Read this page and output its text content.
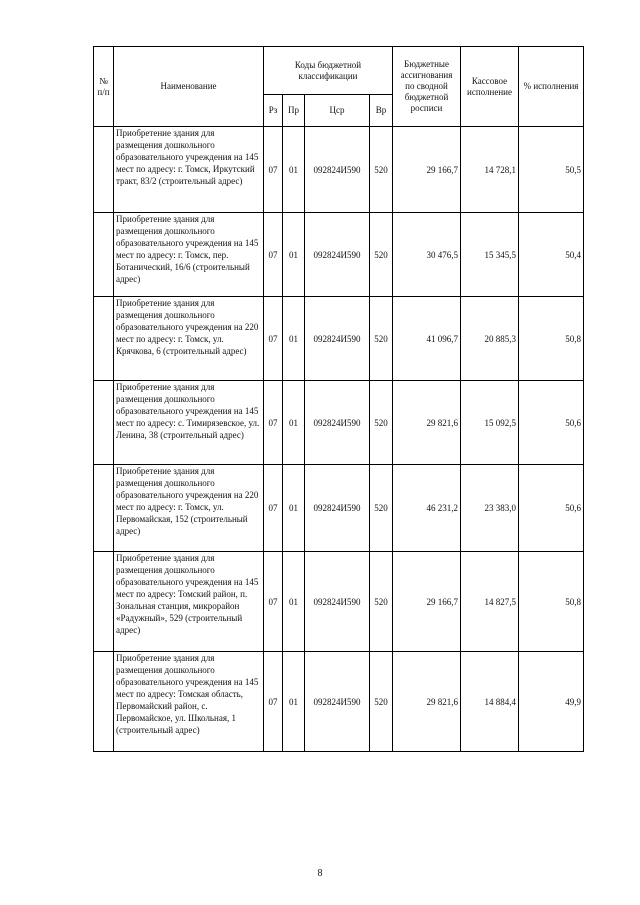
№ п/п	Наименование	Коды бюджетной классификации				Бюджетные ассигнования по сводной бюджетной росписи	Кассовое исполнение	% исполнения
		Рз	Пр	Цср	Вр			
	Приобретение здания для размещения дошкольного образовательного учреждения на 145 мест по адресу: г. Томск, Иркутский тракт, 83/2 (строительный адрес)	07	01	092824И590	520	29 166,7	14 728,1	50,5
	Приобретение здания для размещения дошкольного образовательного учреждения на 145 мест по адресу: г. Томск, пер. Ботанический, 16/6 (строительный адрес)	07	01	092824И590	520	30 476,5	15 345,5	50,4
	Приобретение здания для размещения дошкольного образовательного учреждения на 220 мест по адресу: г. Томск, ул. Крячкова, 6 (строительный адрес)	07	01	092824И590	520	41 096,7	20 885,3	50,8
	Приобретение здания для размещения дошкольного образовательного учреждения на 145 мест по адресу: с. Тимирязевское, ул. Ленина, 38 (строительный адрес)	07	01	092824И590	520	29 821,6	15 092,5	50,6
	Приобретение здания для размещения дошкольного образовательного учреждения на 220 мест по адресу: г. Томск, ул. Первомайская, 152 (строительный адрес)	07	01	092824И590	520	46 231,2	23 383,0	50,6
	Приобретение здания для размещения дошкольного образовательного учреждения на 145 мест по адресу: Томский район, п. Зональная станция, микрорайон «Радужный», 529 (строительный адрес)	07	01	092824И590	520	29 166,7	14 827,5	50,8
	Приобретение здания для размещения дошкольного образовательного учреждения на 145 мест по адресу: Томская область, Первомайский район, с. Первомайское, ул. Школьная, 1 (строительный адрес)	07	01	092824И590	520	29 821,6	14 884,4	49,9
8
